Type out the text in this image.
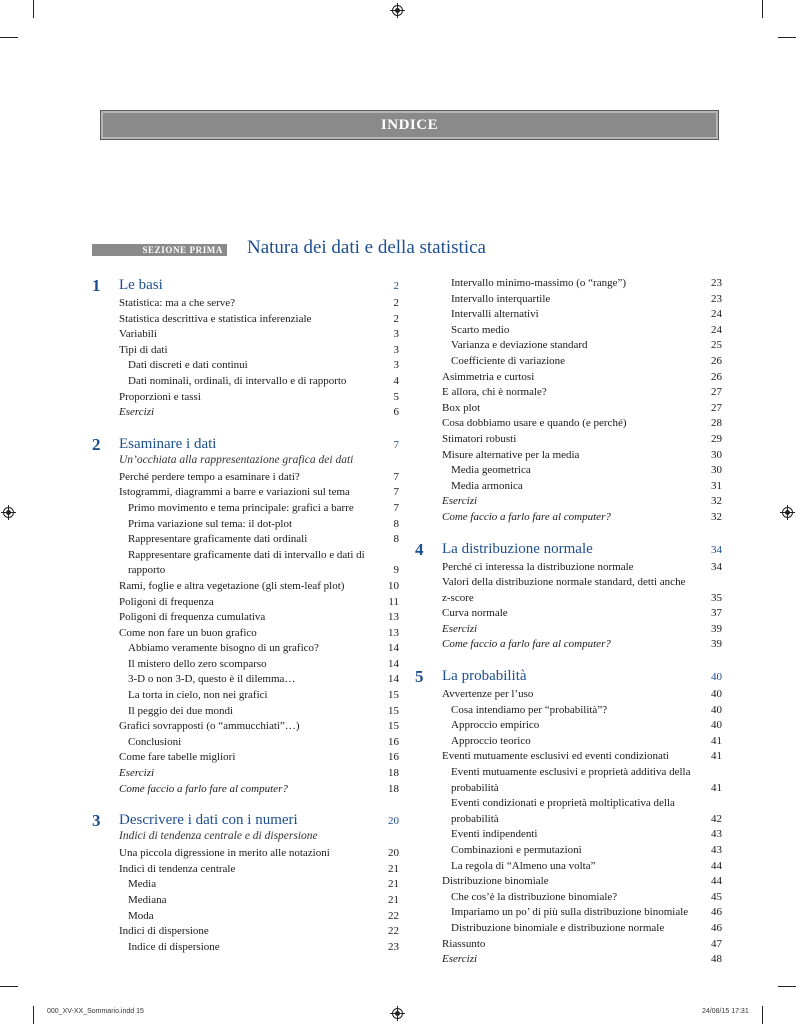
INDICE
SEZIONE PRIMA Natura dei dati e della statistica
1 Le basi	2
Statistica: ma a che serve?	2
Statistica descrittiva e statistica inferenziale	2
Variabili	3
Tipi di dati	3
Dati discreti e dati continui	3
Dati nominali, ordinali, di intervallo e di rapporto	4
Proporzioni e tassi	5
Esercizi	6
2 Esaminare i dati	7
Un’occhiata alla rappresentazione grafica dei dati
Perché perdere tempo a esaminare i dati?	7
Istogrammi, diagrammi a barre e variazioni sul tema	7
Primo movimento e tema principale: grafici a barre	7
Prima variazione sul tema: il dot-plot	8
Rappresentare graficamente dati ordinali	8
Rappresentare graficamente dati di intervallo e dati di rapporto	9
Rami, foglie e altra vegetazione (gli stem-leaf plot)	10
Poligoni di frequenza	11
Poligoni di frequenza cumulativa	13
Come non fare un buon grafico	13
Abbiamo veramente bisogno di un grafico?	14
Il mistero dello zero scomparso	14
3-D o non 3-D, questo è il dilemma…	14
La torta in cielo, non nei grafici	15
Il peggio dei due mondi	15
Grafici sovrapposti (o “ammucchiati”…)	15
Conclusioni	16
Come fare tabelle migliori	16
Esercizi	18
Come faccio a farlo fare al computer?	18
3 Descrivere i dati con i numeri	20
Indici di tendenza centrale e di dispersione
Una piccola digressione in merito alle notazioni	20
Indici di tendenza centrale	21
Media	21
Mediana	21
Moda	22
Indici di dispersione	22
Indice di dispersione	23
Intervallo minimo-massimo (o “range”)	23
Intervallo interquartile	23
Intervalli alternativi	24
Scarto medio	24
Varianza e deviazione standard	25
Coefficiente di variazione	26
Asimmetria e curtosi	26
E allora, chi è normale?	27
Box plot	27
Cosa dobbiamo usare e quando (e perché)	28
Stimatori robusti	29
Misure alternative per la media	30
Media geometrica	30
Media armonica	31
Esercizi	32
Come faccio a farlo fare al computer?	32
4 La distribuzione normale	34
Perché ci interessa la distribuzione normale	34
Valori della distribuzione normale standard, detti anche z-score	35
Curva normale	37
Esercizi	39
Come faccio a farlo fare al computer?	39
5 La probabilità	40
Avvertenze per l’uso	40
Cosa intendiamo per “probabilità”?	40
Approccio empirico	40
Approccio teorico	41
Eventi mutuamente esclusivi ed eventi condizionati	41
Eventi mutuamente esclusivi e proprietà additiva della probabilità	41
Eventi condizionati e proprietà moltiplicativa della probabilità	42
Eventi indipendenti	43
Combinazioni e permutazioni	43
La regola di “Almeno una volta”	44
Distribuzione binomiale	44
Che cos’è la distribuzione binomiale?	45
Impariamo un po’ di più sulla distribuzione binomiale	46
Distribuzione binomiale e distribuzione normale	46
Riassunto	47
Esercizi	48
000_XV-XX_Sommario.indd 15	24/08/15 17:31
